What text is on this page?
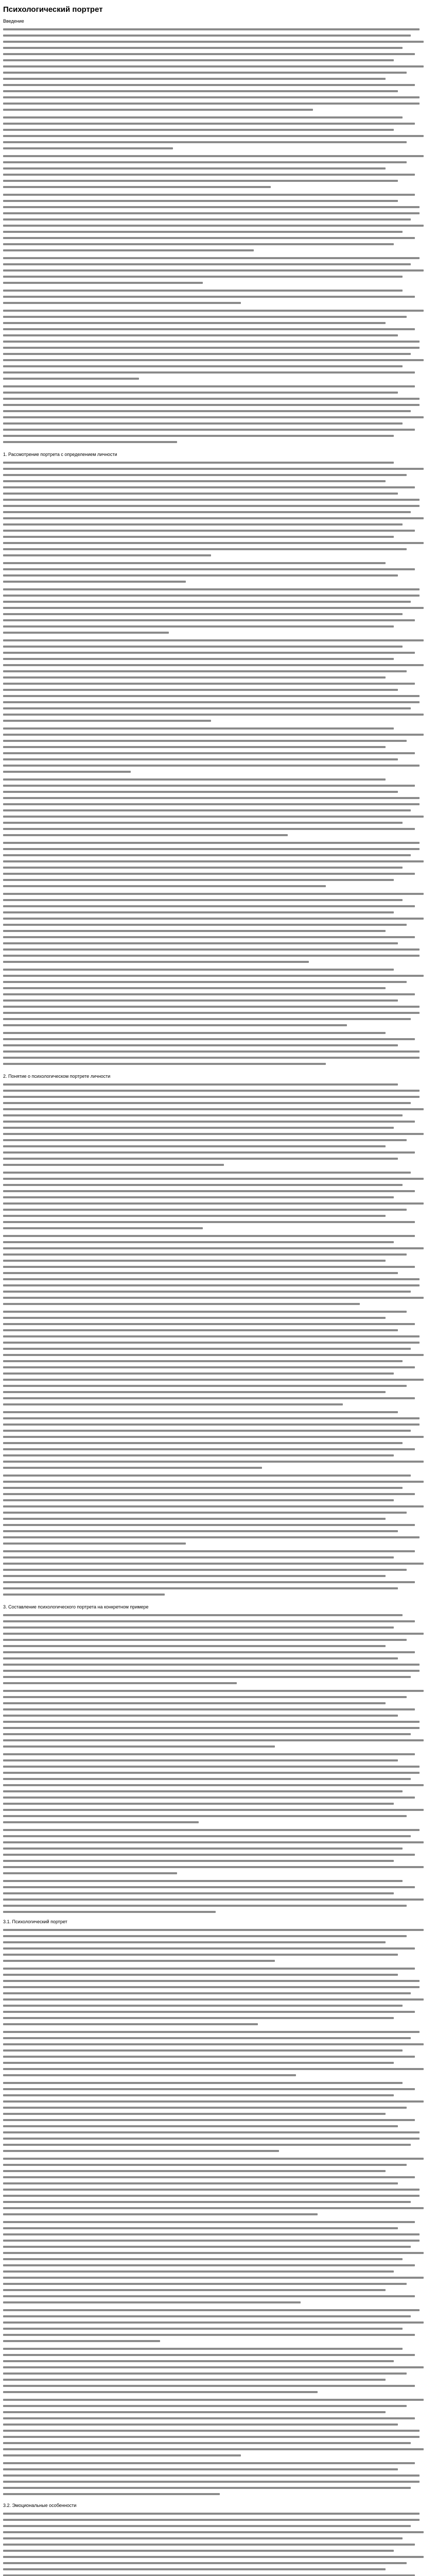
Психологический портрет
Введение
1. Рассмотрение портрета с определением личности
2. Понятие о психологическом портрете личности
3. Составление психологического портрета на конкретном примере
3.1. Психологический портрет
3.2. Эмоциональные особенности
